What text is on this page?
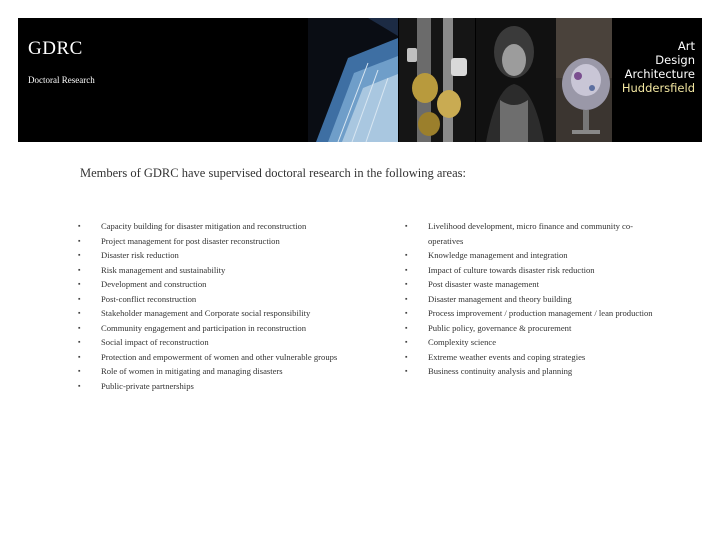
GDRC
Doctoral Research
Art
Design
Architecture
Huddersfield
Members of GDRC have supervised doctoral research in the following areas:
▪ Capacity building for disaster mitigation and reconstruction
▪ Project management for post disaster reconstruction
▪ Disaster risk reduction
▪ Risk management and sustainability
▪ Development and construction
▪ Post-conflict reconstruction
▪ Stakeholder management and Corporate social responsibility
▪ Community engagement and participation in reconstruction
▪ Social impact of reconstruction
▪ Protection and empowerment of women and other vulnerable groups
▪ Role of women in mitigating and managing disasters
▪ Public-private partnerships
▪ Livelihood development, micro finance and community co-operatives
▪ Knowledge management and integration
▪ Impact of culture towards disaster risk reduction
▪ Post disaster waste management
▪ Disaster management and theory building
▪ Process improvement / production management / lean production
▪ Public policy, governance & procurement
▪ Complexity science
▪ Extreme weather events and coping strategies
▪ Business continuity analysis and planning
